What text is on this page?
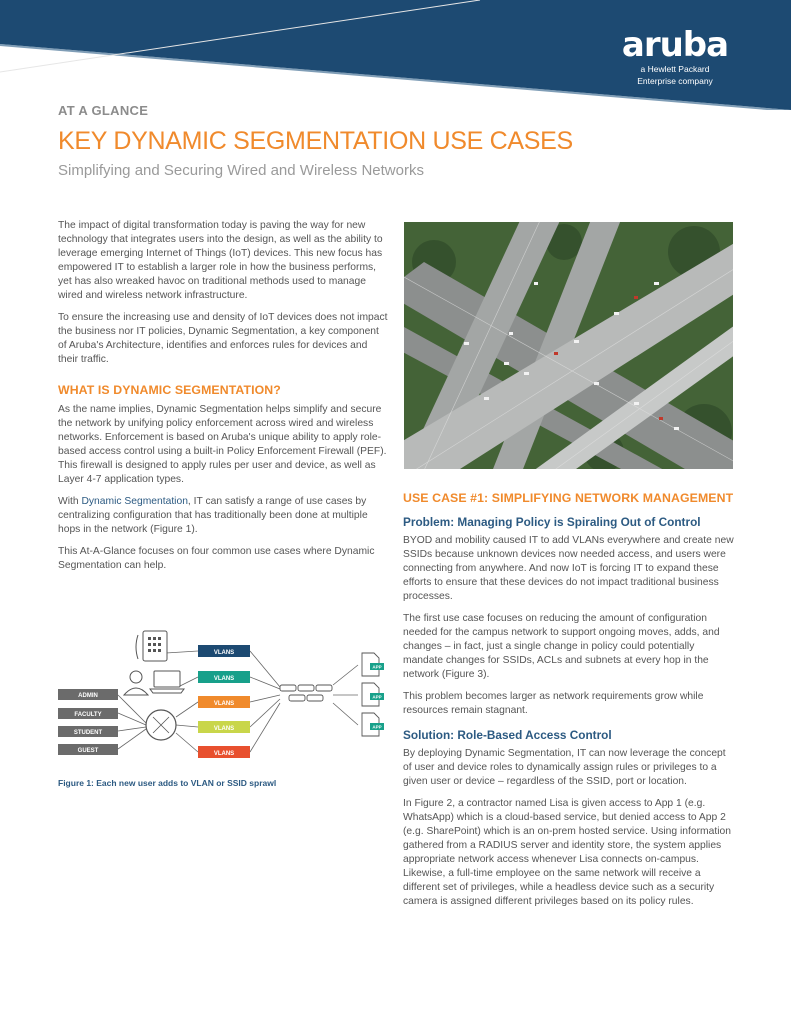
aruba
a Hewlett Packard
Enterprise company
AT A GLANCE
KEY DYNAMIC SEGMENTATION USE CASES
Simplifying and Securing Wired and Wireless Networks

The impact of digital transformation today is paving the way for new technology that integrates users into the design, as well as the ability to leverage emerging Internet of Things (IoT) devices. This new focus has empowered IT to establish a larger role in how the business performs, yet has also wreaked havoc on traditional methods used to manage wired and wireless network infrastructure.

To ensure the increasing use and density of IoT devices does not impact the business nor IT policies, Dynamic Segmentation, a key component of Aruba's Architecture, identifies and enforces rules for devices and their traffic.

WHAT IS DYNAMIC SEGMENTATION?

As the name implies, Dynamic Segmentation helps simplify and secure the network by unifying policy enforcement across wired and wireless networks. Enforcement is based on Aruba's unique ability to apply role-based access control using a built-in Policy Enforcement Firewall (PEF). This firewall is designed to apply rules per user and device, as well as Layer 4-7 application types.

With Dynamic Segmentation, IT can satisfy a range of use cases by centralizing configuration that has traditionally been done at multiple hops in the network (Figure 1).

This At-A-Glance focuses on four common use cases where Dynamic Segmentation can help.

ADMIN
FACULTY
STUDENT
GUEST
VLANS
VLANS
VLANS
VLANS
VLANS
APP
APP
APP
Figure 1: Each new user adds to VLAN or SSID sprawl
USE CASE #1: SIMPLIFYING NETWORK MANAGEMENT
Problem: Managing Policy is Spiraling Out of Control

BYOD and mobility caused IT to add VLANs everywhere and create new SSIDs because unknown devices now needed access, and users were connecting from anywhere. And now IoT is forcing IT to expand these efforts to ensure that these devices do not impact traditional business processes.

The first use case focuses on reducing the amount of configuration needed for the campus network to support ongoing moves, adds, and changes – in fact, just a single change in policy could potentially mandate changes for SSIDs, ACLs and subnets at every hop in the network (Figure 3).

This problem becomes larger as network requirements grow while resources remain stagnant.

Solution: Role-Based Access Control

By deploying Dynamic Segmentation, IT can now leverage the concept of user and device roles to dynamically assign rules or privileges to a given user or device – regardless of the SSID, port or location.

In Figure 2, a contractor named Lisa is given access to App 1 (e.g. WhatsApp) which is a cloud-based service, but denied access to App 2 (e.g. SharePoint) which is an on-prem hosted service. Using information gathered from a RADIUS server and identity store, the system applies appropriate network access whenever Lisa connects on-campus. Likewise, a full-time employee on the same network will receive a different set of privileges, while a headless device such as a security camera is assigned different privileges based on its policy rules.
